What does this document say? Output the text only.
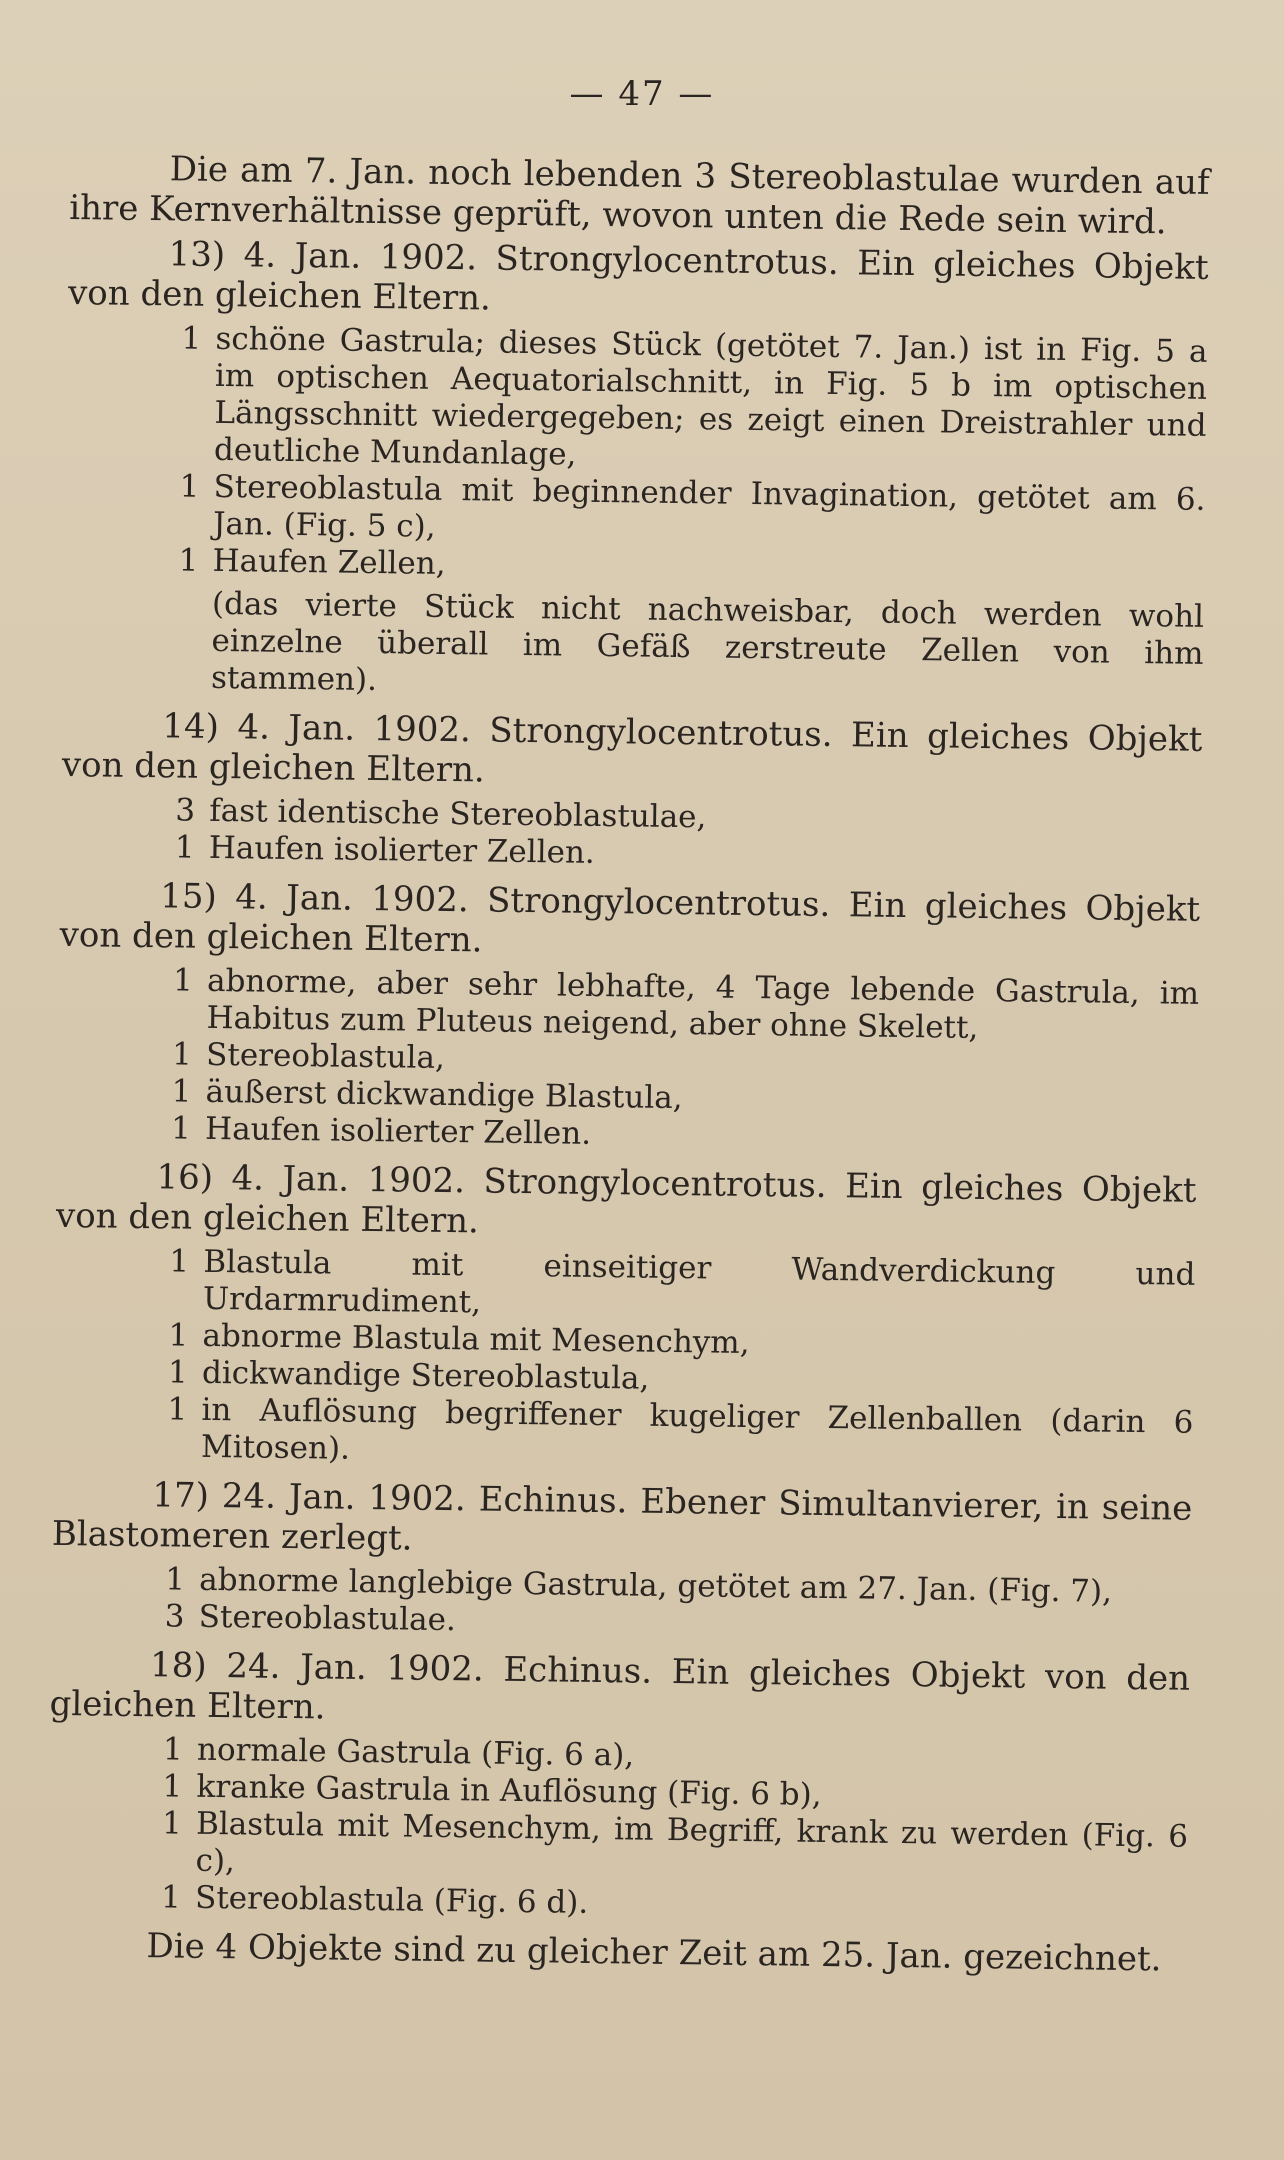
— 47 —

Die am 7. Jan. noch lebenden 3 Stereoblastulae wurden auf ihre Kernverhältnisse geprüft, wovon unten die Rede sein wird.

13) 4. Jan. 1902. Strongylocentrotus. Ein gleiches Objekt von den gleichen Eltern.

1 schöne Gastrula; dieses Stück (getötet 7. Jan.) ist in Fig. 5 a im optischen Aequatorialschnitt, in Fig. 5 b im optischen Längsschnitt wiedergegeben; es zeigt einen Dreistrahler und deutliche Mundanlage,
1 Stereoblastula mit beginnender Invagination, getötet am 6. Jan. (Fig. 5 c),
1 Haufen Zellen,
(das vierte Stück nicht nachweisbar, doch werden wohl einzelne überall im Gefäß zerstreute Zellen von ihm stammen).

14) 4. Jan. 1902. Strongylocentrotus. Ein gleiches Objekt von den gleichen Eltern.

3 fast identische Stereoblastulae,
1 Haufen isolierter Zellen.

15) 4. Jan. 1902. Strongylocentrotus. Ein gleiches Objekt von den gleichen Eltern.

1 abnorme, aber sehr lebhafte, 4 Tage lebende Gastrula, im Habitus zum Pluteus neigend, aber ohne Skelett,
1 Stereoblastula,
1 äußerst dickwandige Blastula,
1 Haufen isolierter Zellen.

16) 4. Jan. 1902. Strongylocentrotus. Ein gleiches Objekt von den gleichen Eltern.

1 Blastula mit einseitiger Wandverdickung und Urdarmrudiment,
1 abnorme Blastula mit Mesenchym,
1 dickwandige Stereoblastula,
1 in Auflösung begriffener kugeliger Zellenballen (darin 6 Mitosen).

17) 24. Jan. 1902. Echinus. Ebener Simultanvierer, in seine Blastomeren zerlegt.

1 abnorme langlebige Gastrula, getötet am 27. Jan. (Fig. 7),
3 Stereoblastulae.

18) 24. Jan. 1902. Echinus. Ein gleiches Objekt von den gleichen Eltern.

1 normale Gastrula (Fig. 6 a),
1 kranke Gastrula in Auflösung (Fig. 6 b),
1 Blastula mit Mesenchym, im Begriff, krank zu werden (Fig. 6 c),
1 Stereoblastula (Fig. 6 d).

Die 4 Objekte sind zu gleicher Zeit am 25. Jan. gezeichnet.
